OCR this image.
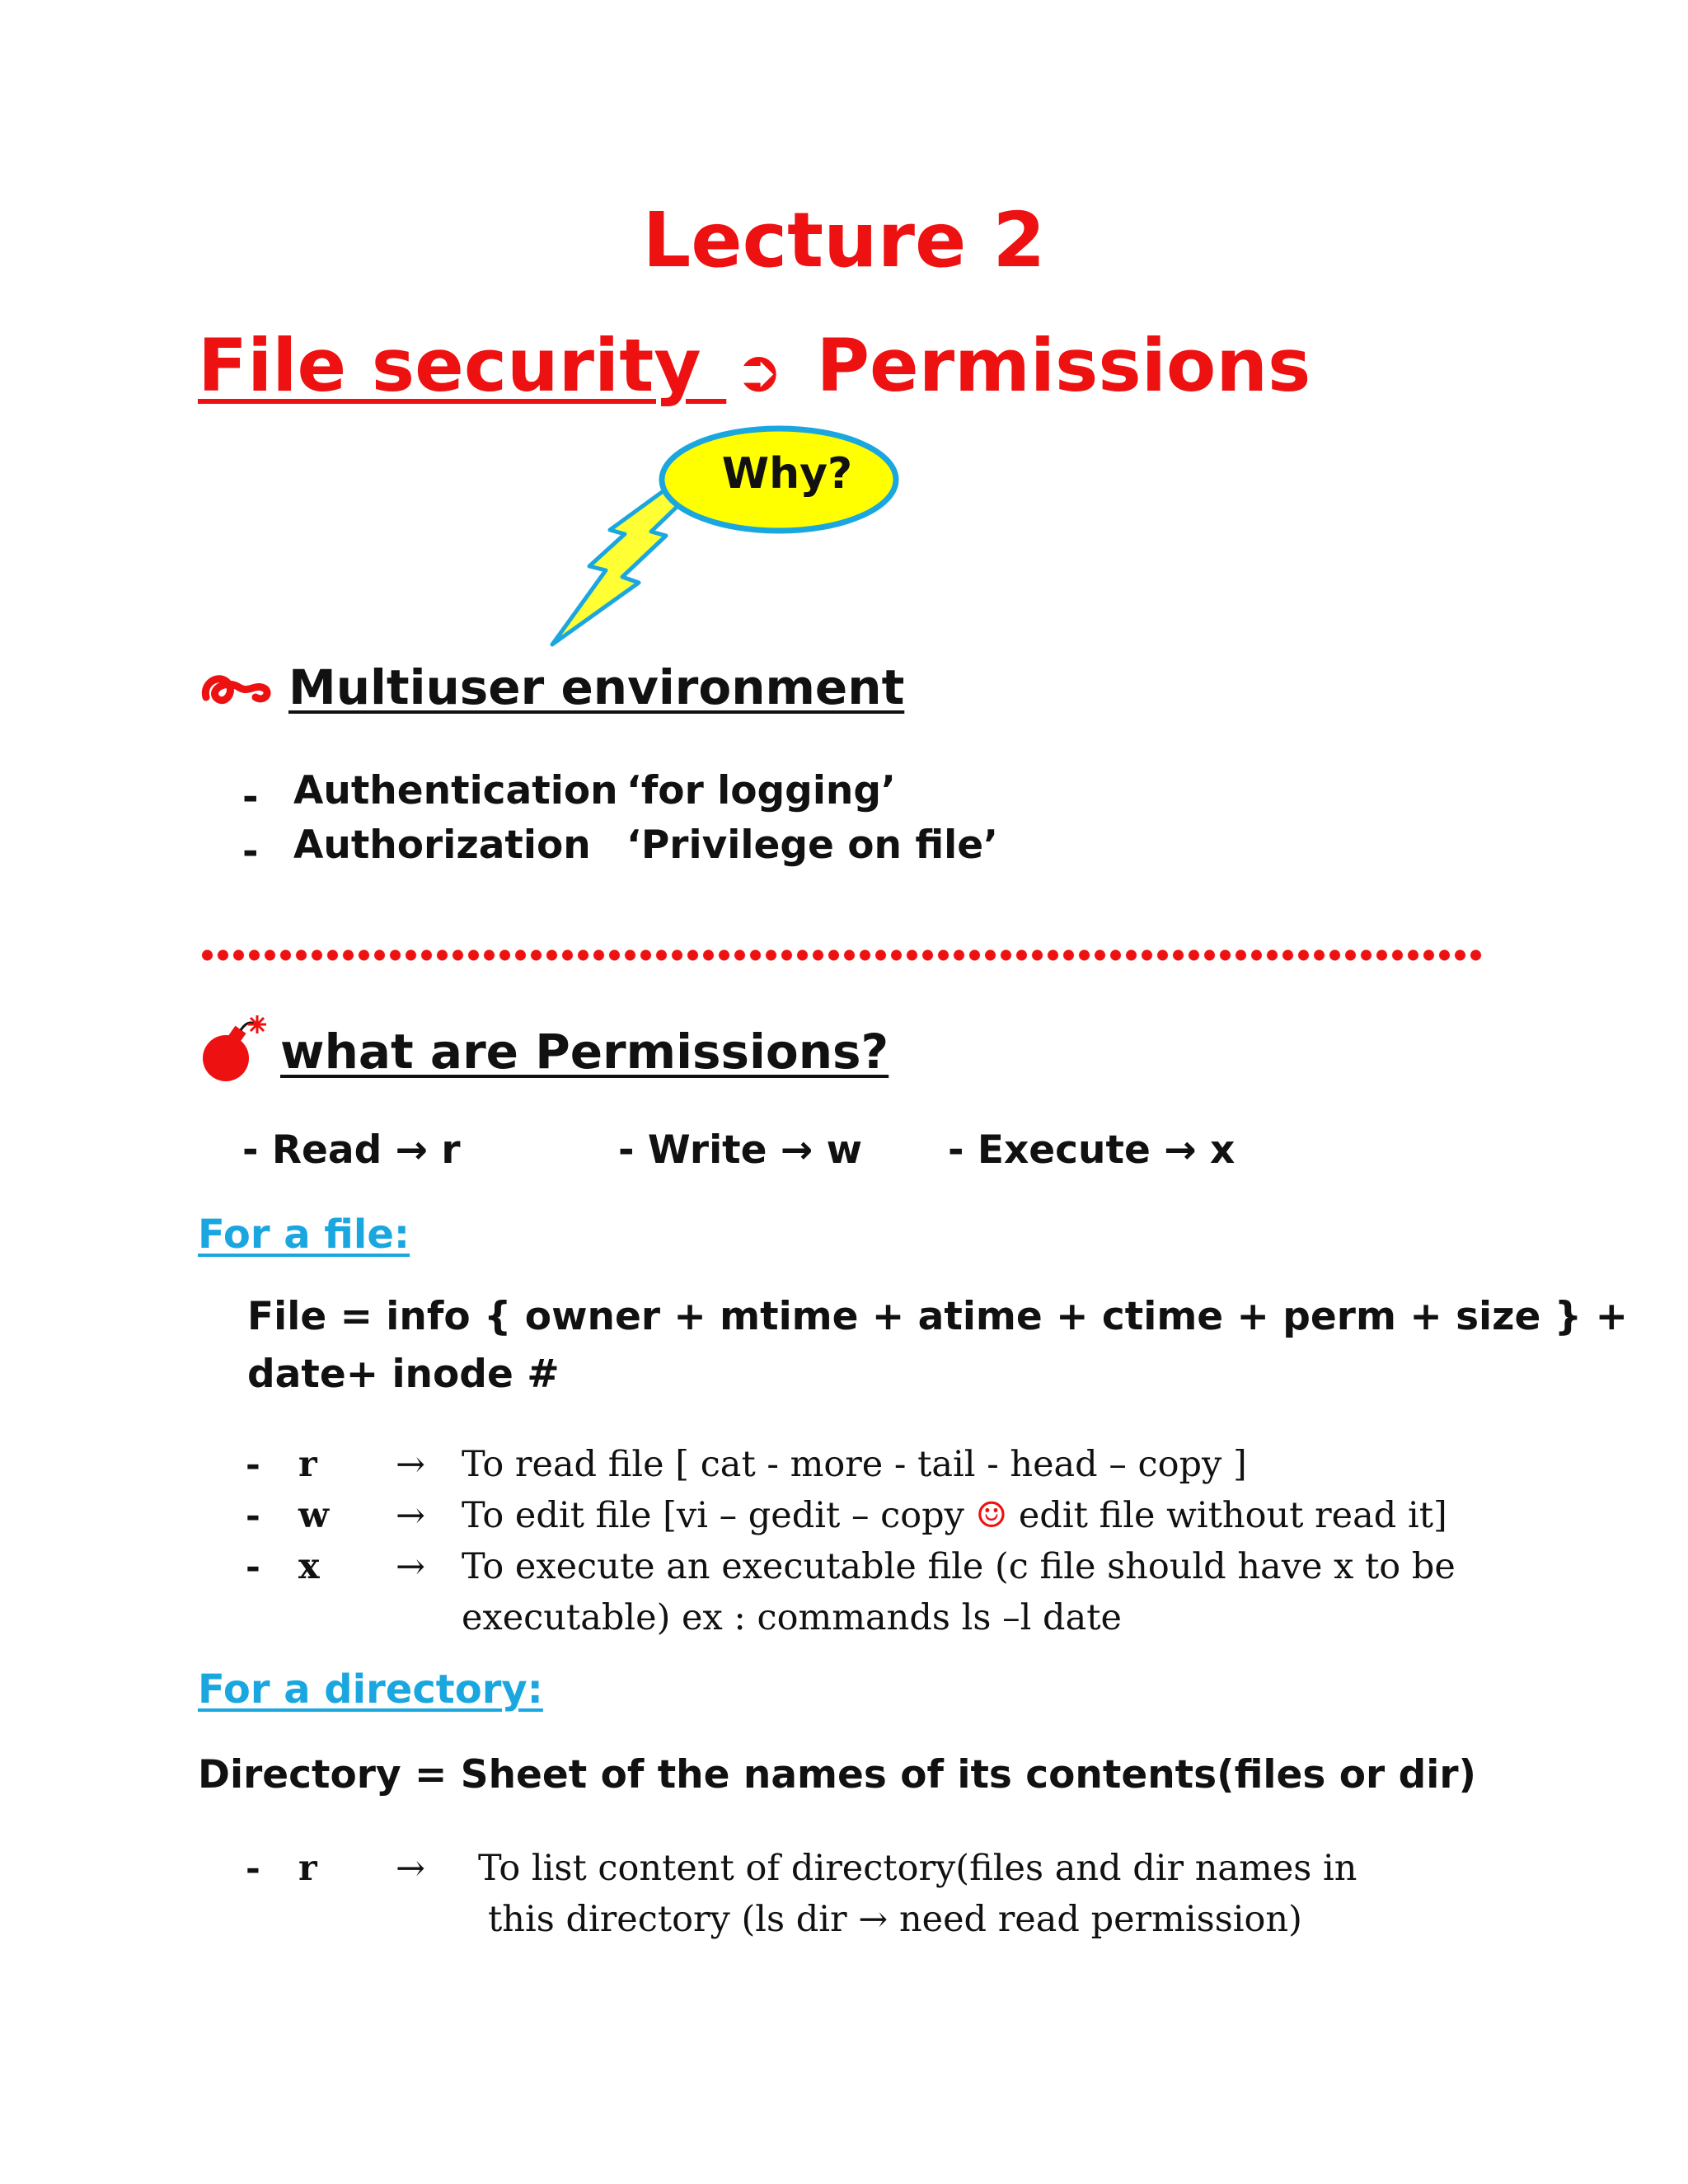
Lecture 2
File security ➲ Permissions
Why?
Multiuser environment
- Authentication ‘for logging’
- Authorization ‘Privilege on file’
what are Permissions?
- Read → r	- Write → w - Execute → x
For a file:
File = info { owner + mtime + atime + ctime + perm + size } +
date+ inode #
- r → To read file [ cat - more - tail - head – copy ]
- w → To edit file [vi – gedit – copy ☺ edit file without read it]
- x → To execute an executable file (c file should have x to be
executable) ex : commands ls –l date
For a directory:
Directory = Sheet of the names of its contents(files or dir)
- r → To list content of directory(files and dir names in
this directory (ls dir → need read permission)
